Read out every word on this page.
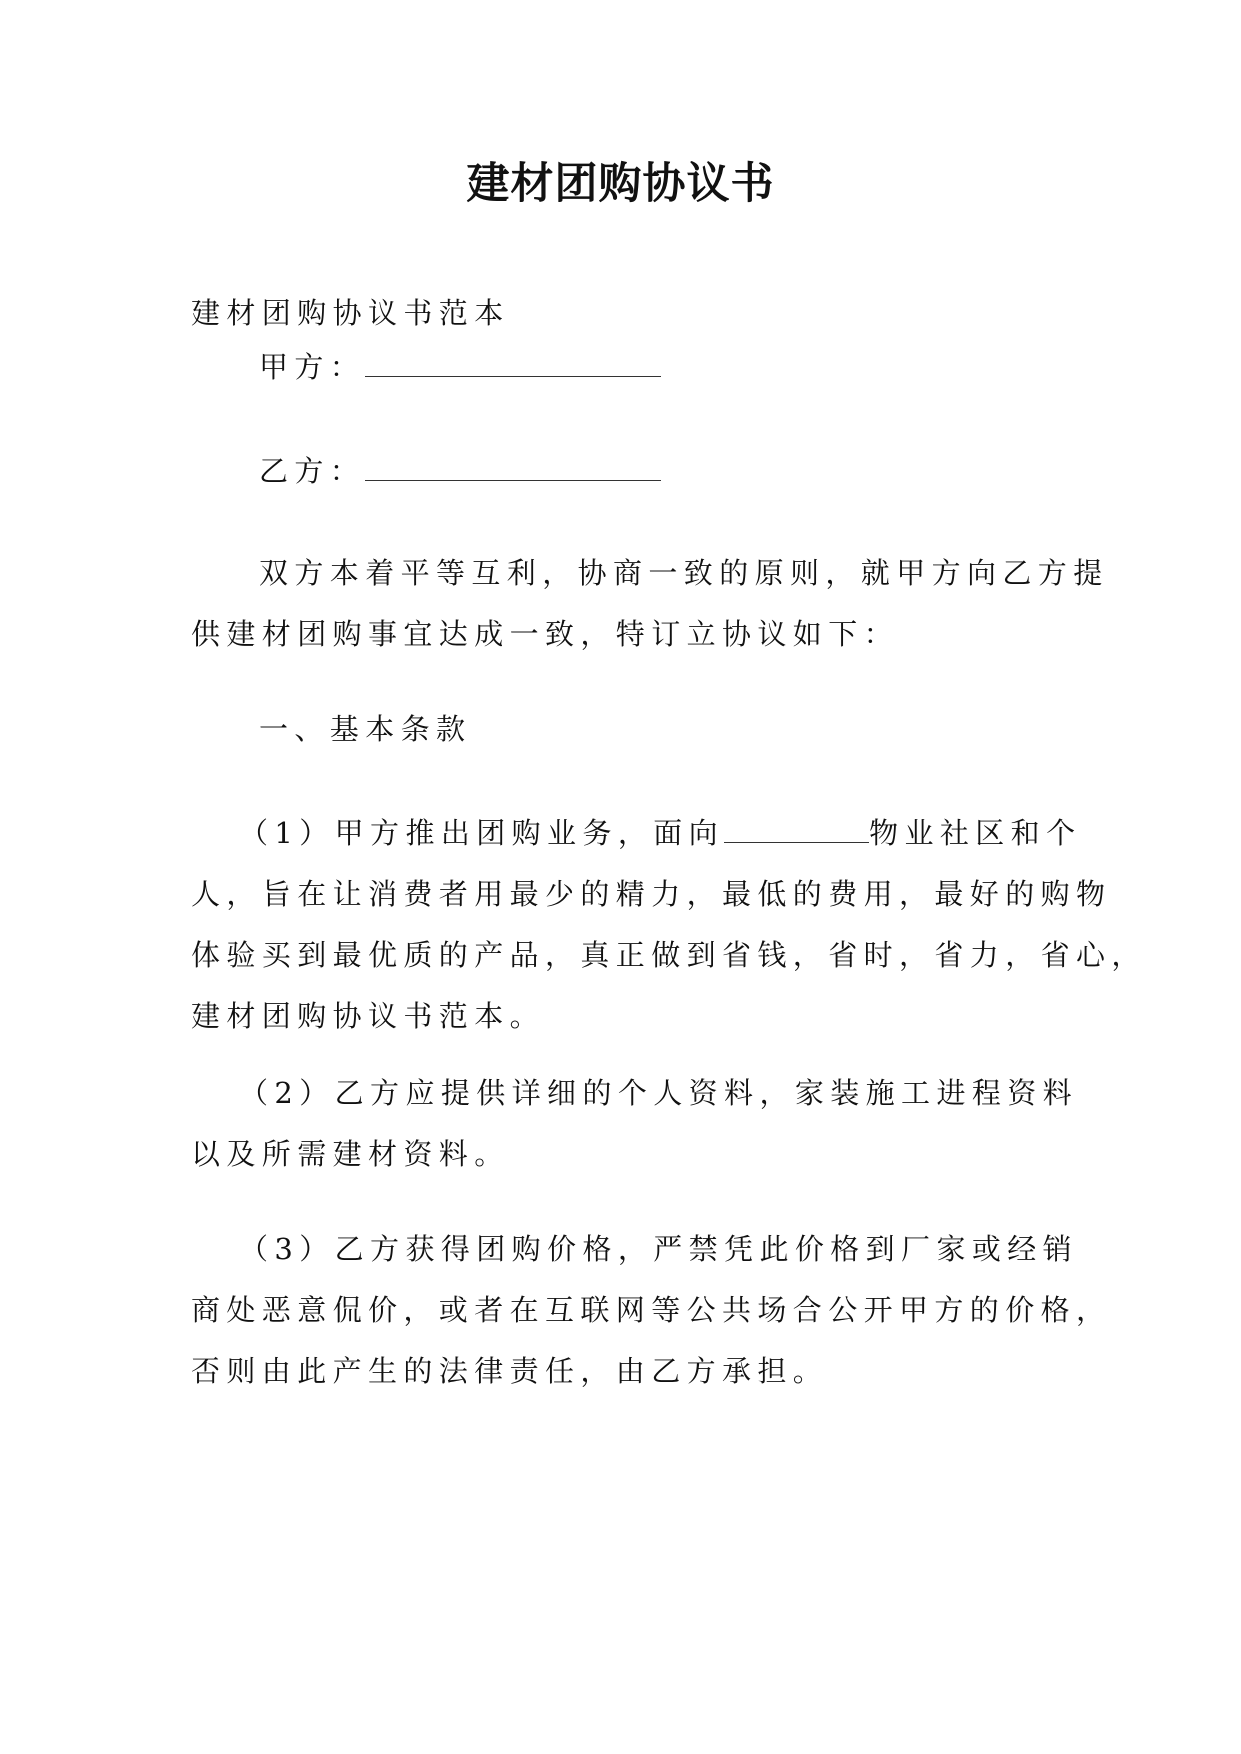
建材团购协议书
建材团购协议书范本
甲方：
乙方：
双方本着平等互利，协商一致的原则，就甲方向乙方提
供建材团购事宜达成一致，特订立协议如下：
一、基本条款
（1）甲方推出团购业务，面向	物业社区和个
人，旨在让消费者用最少的精力，最低的费用，最好的购物
体验买到最优质的产品，真正做到省钱，省时，省力，省心，
建材团购协议书范本。
（2）乙方应提供详细的个人资料，家装施工进程资料
以及所需建材资料。
（3）乙方获得团购价格，严禁凭此价格到厂家或经销
商处恶意侃价，或者在互联网等公共场合公开甲方的价格，
否则由此产生的法律责任，由乙方承担。
